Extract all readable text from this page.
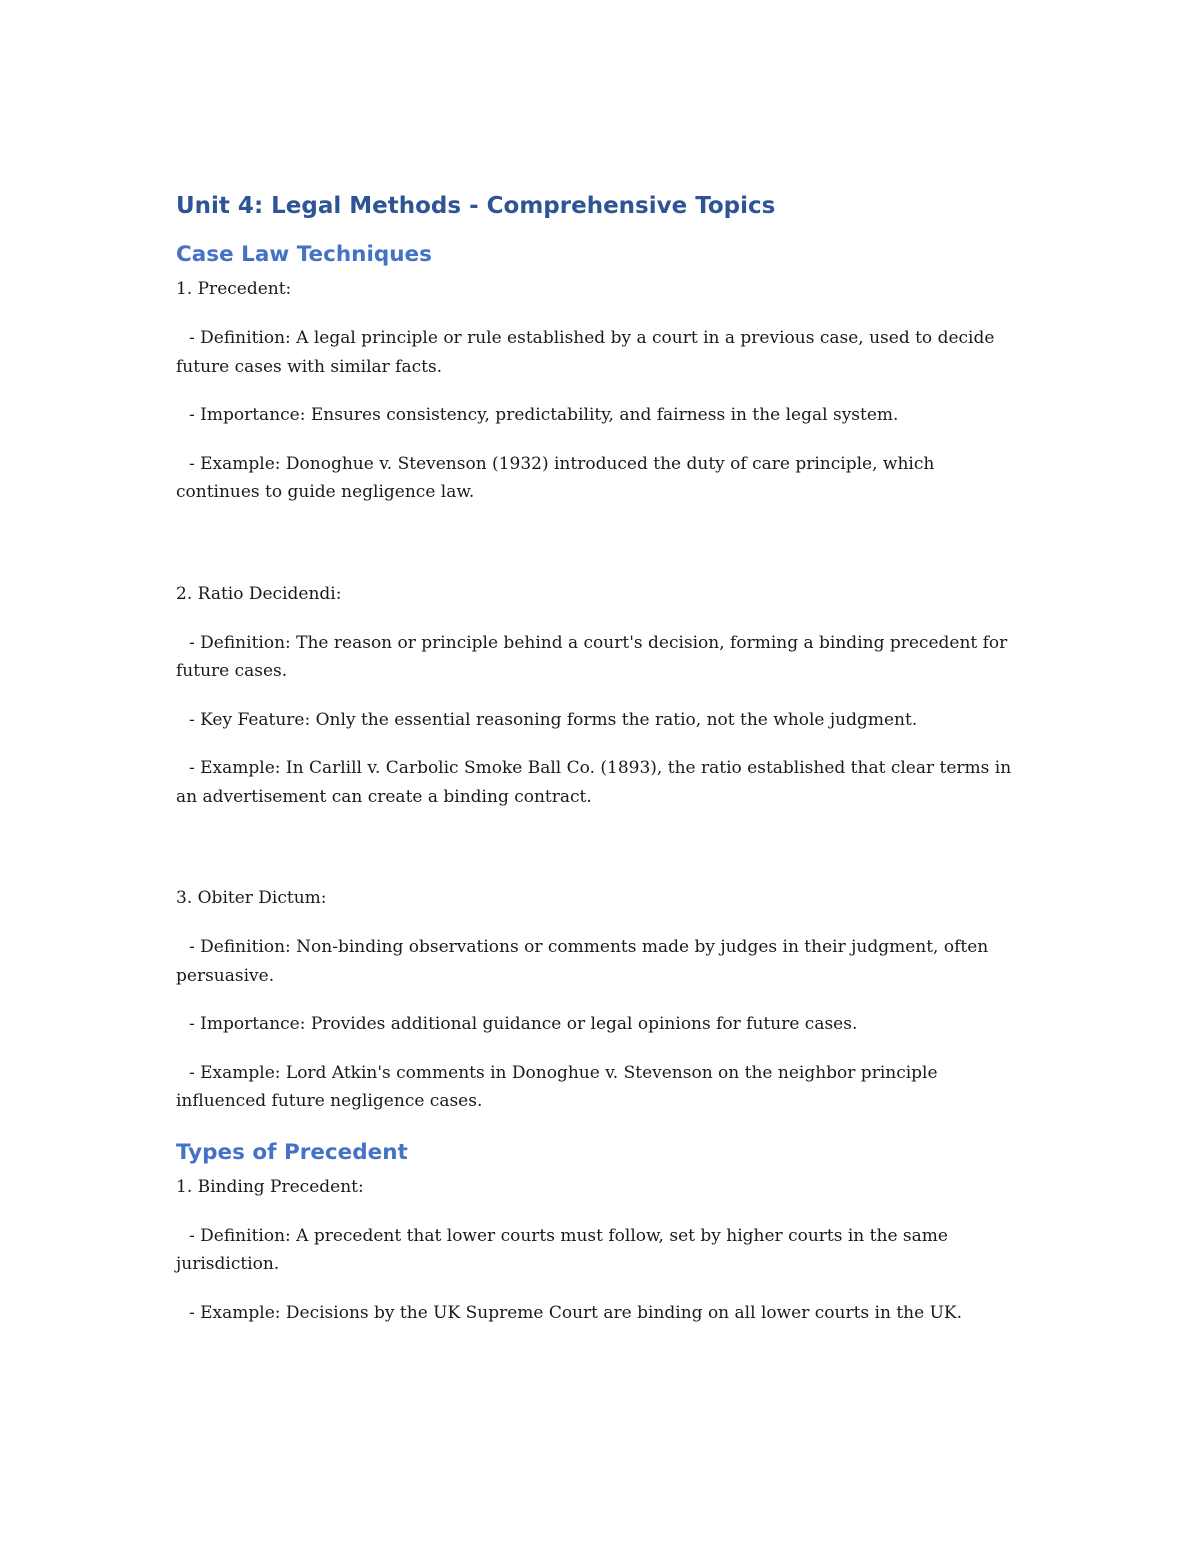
Unit 4: Legal Methods - Comprehensive Topics
Case Law Techniques
1. Precedent:
- Definition: A legal principle or rule established by a court in a previous case, used to decide future cases with similar facts.
- Importance: Ensures consistency, predictability, and fairness in the legal system.
- Example: Donoghue v. Stevenson (1932) introduced the duty of care principle, which continues to guide negligence law.
2. Ratio Decidendi:
- Definition: The reason or principle behind a court's decision, forming a binding precedent for future cases.
- Key Feature: Only the essential reasoning forms the ratio, not the whole judgment.
- Example: In Carlill v. Carbolic Smoke Ball Co. (1893), the ratio established that clear terms in an advertisement can create a binding contract.
3. Obiter Dictum:
- Definition: Non-binding observations or comments made by judges in their judgment, often persuasive.
- Importance: Provides additional guidance or legal opinions for future cases.
- Example: Lord Atkin's comments in Donoghue v. Stevenson on the neighbor principle influenced future negligence cases.
Types of Precedent
1. Binding Precedent:
- Definition: A precedent that lower courts must follow, set by higher courts in the same jurisdiction.
- Example: Decisions by the UK Supreme Court are binding on all lower courts in the UK.
